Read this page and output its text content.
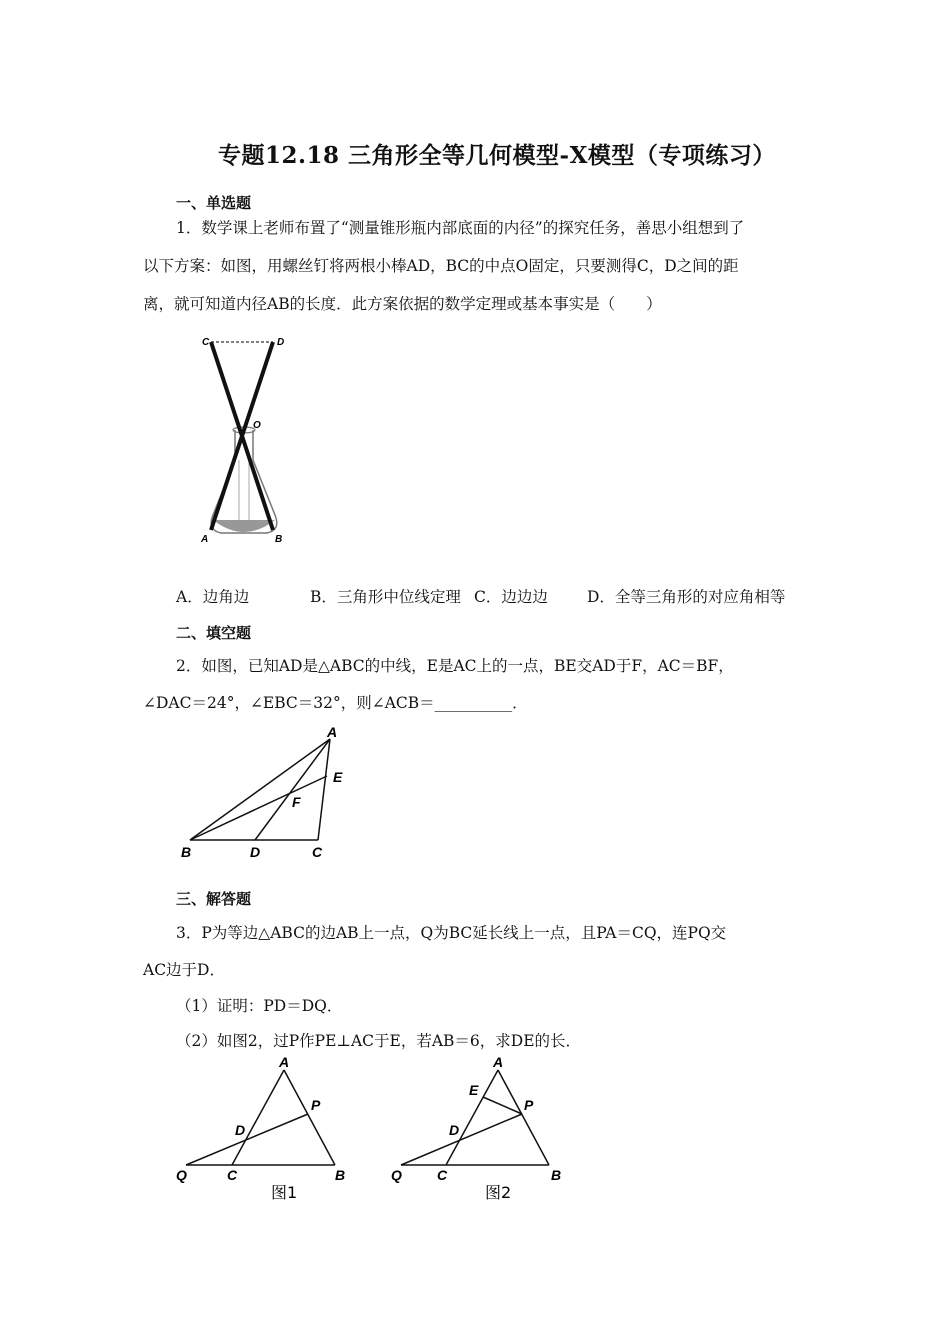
专题12.18 三角形全等几何模型-X模型（专项练习）
一、单选题
1．数学课上老师布置了“测量锥形瓶内部底面的内径”的探究任务，善思小组想到了
以下方案：如图，用螺丝钉将两根小棒AD，BC的中点O固定，只要测得C，D之间的距
离，就可知道内径AB的长度．此方案依据的数学定理或基本事实是（　　）
C	D
O
A	B
A．边角边	B．三角形中位线定理 C．边边边	D．全等三角形的对应角相等
二、填空题
2．如图，已知AD是△ABC的中线，E是AC上的一点，BE交AD于F，AC＝BF，
∠DAC＝24°，∠EBC＝32°，则∠ACB＝__________．
A
E
F
B	D	C
三、解答题
3．P为等边△ABC的边AB上一点，Q为BC延长线上一点，且PA＝CQ，连PQ交
AC边于D．
（1）证明：PD＝DQ．
（2）如图2，过P作PE⊥AC于E，若AB＝6，求DE的长．
A
P
D
Q	C	B
图1
A
E
P
D
Q	C	B
图2
